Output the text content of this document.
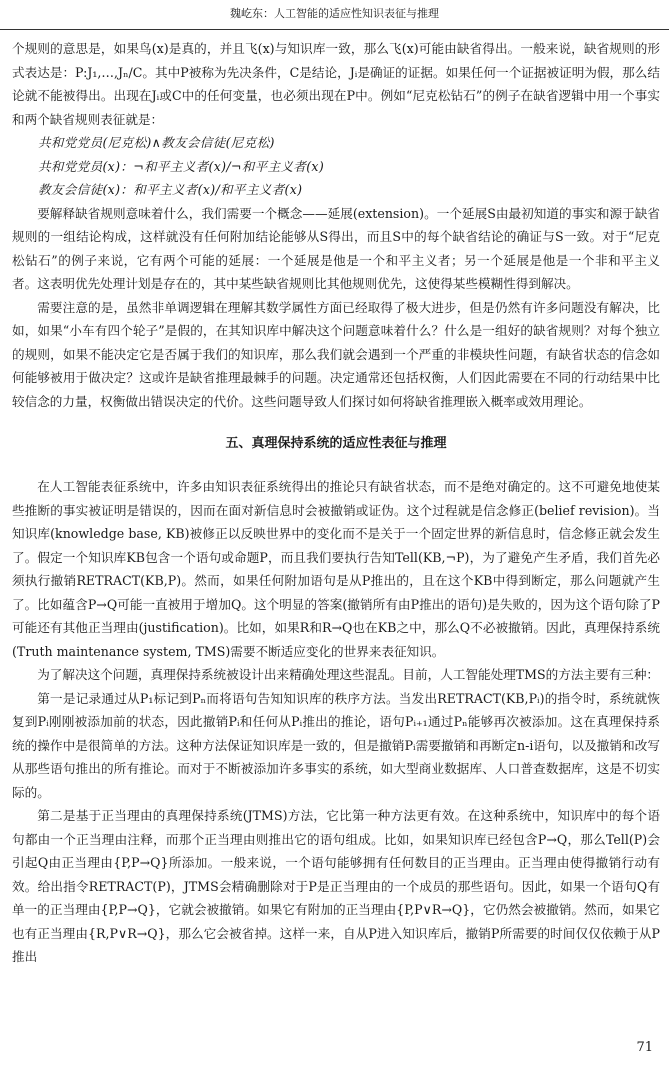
魏屹东：人工智能的适应性知识表征与推理

个规则的意思是，如果鸟(x)是真的，并且飞(x)与知识库一致，那么飞(x)可能由缺省得出。一般来说，缺省规则的形式表达是：P:J₁,…,Jₙ/C。其中P被称为先决条件，C是结论，Jᵢ是确证的证据。如果任何一个证据被证明为假，那么结论就不能被得出。出现在Jᵢ或C中的任何变量，也必须出现在P中。例如“尼克松钻石”的例子在缺省逻辑中用一个事实和两个缺省规则表征就是：

共和党党员(尼克松)∧教友会信徒(尼克松)

共和党党员(x)：¬和平主义者(x)/¬和平主义者(x)

教友会信徒(x)：和平主义者(x)/和平主义者(x)

要解释缺省规则意味着什么，我们需要一个概念——延展(extension)。一个延展S由最初知道的事实和源于缺省规则的一组结论构成，这样就没有任何附加结论能够从S得出，而且S中的每个缺省结论的确证与S一致。对于“尼克松钻石”的例子来说，它有两个可能的延展：一个延展是他是一个和平主义者；另一个延展是他是一个非和平主义者。这表明优先处理计划是存在的，其中某些缺省规则比其他规则优先，这使得某些模糊性得到解决。

需要注意的是，虽然非单调逻辑在理解其数学属性方面已经取得了极大进步，但是仍然有许多问题没有解决，比如，如果“小车有四个轮子”是假的，在其知识库中解决这个问题意味着什么？什么是一组好的缺省规则？对每个独立的规则，如果不能决定它是否属于我们的知识库，那么我们就会遇到一个严重的非模块性问题，有缺省状态的信念如何能够被用于做决定？这或许是缺省推理最棘手的问题。决定通常还包括权衡，人们因此需要在不同的行动结果中比较信念的力量，权衡做出错误决定的代价。这些问题导致人们探讨如何将缺省推理嵌入概率或效用理论。

五、真理保持系统的适应性表征与推理

在人工智能表征系统中，许多由知识表征系统得出的推论只有缺省状态，而不是绝对确定的。这不可避免地使某些推断的事实被证明是错误的，因而在面对新信息时会被撤销或证伪。这个过程就是信念修正(belief revision)。当知识库(knowledge base, KB)被修正以反映世界中的变化而不是关于一个固定世界的新信息时，信念修正就会发生了。假定一个知识库KB包含一个语句或命题P，而且我们要执行告知Tell(KB,¬P)，为了避免产生矛盾，我们首先必须执行撤销RETRACT(KB,P)。然而，如果任何附加语句是从P推出的，且在这个KB中得到断定，那么问题就产生了。比如蕴含P→Q可能一直被用于增加Q。这个明显的答案(撤销所有由P推出的语句)是失败的，因为这个语句除了P可能还有其他正当理由(justification)。比如，如果R和R→Q也在KB之中，那么Q不必被撤销。因此，真理保持系统(Truth maintenance system, TMS)需要不断适应变化的世界来表征知识。

为了解决这个问题，真理保持系统被设计出来精确处理这些混乱。目前，人工智能处理TMS的方法主要有三种：

第一是记录通过从P₁标记到Pₙ而将语句告知知识库的秩序方法。当发出RETRACT(KB,Pᵢ)的指令时，系统就恢复到Pᵢ刚刚被添加前的状态，因此撤销Pᵢ和任何从Pᵢ推出的推论，语句Pᵢ₊₁通过Pₙ能够再次被添加。这在真理保持系统的操作中是很简单的方法。这种方法保证知识库是一致的，但是撤销Pᵢ需要撤销和再断定n-i语句，以及撤销和改写从那些语句推出的所有推论。而对于不断被添加许多事实的系统，如大型商业数据库、人口普查数据库，这是不切实际的。

第二是基于正当理由的真理保持系统(JTMS)方法，它比第一种方法更有效。在这种系统中，知识库中的每个语句都由一个正当理由注释，而那个正当理由则推出它的语句组成。比如，如果知识库已经包含P→Q，那么Tell(P)会引起Q由正当理由{P,P→Q}所添加。一般来说，一个语句能够拥有任何数目的正当理由。正当理由使得撤销行动有效。给出指令RETRACT(P)，JTMS会精确删除对于P是正当理由的一个成员的那些语句。因此，如果一个语句Q有单一的正当理由{P,P→Q}，它就会被撤销。如果它有附加的正当理由{P,P∨R→Q}，它仍然会被撤销。然而，如果它也有正当理由{R,P∨R→Q}，那么它会被省掉。这样一来，自从P进入知识库后，撤销P所需要的时间仅仅依赖于从P推出

71
